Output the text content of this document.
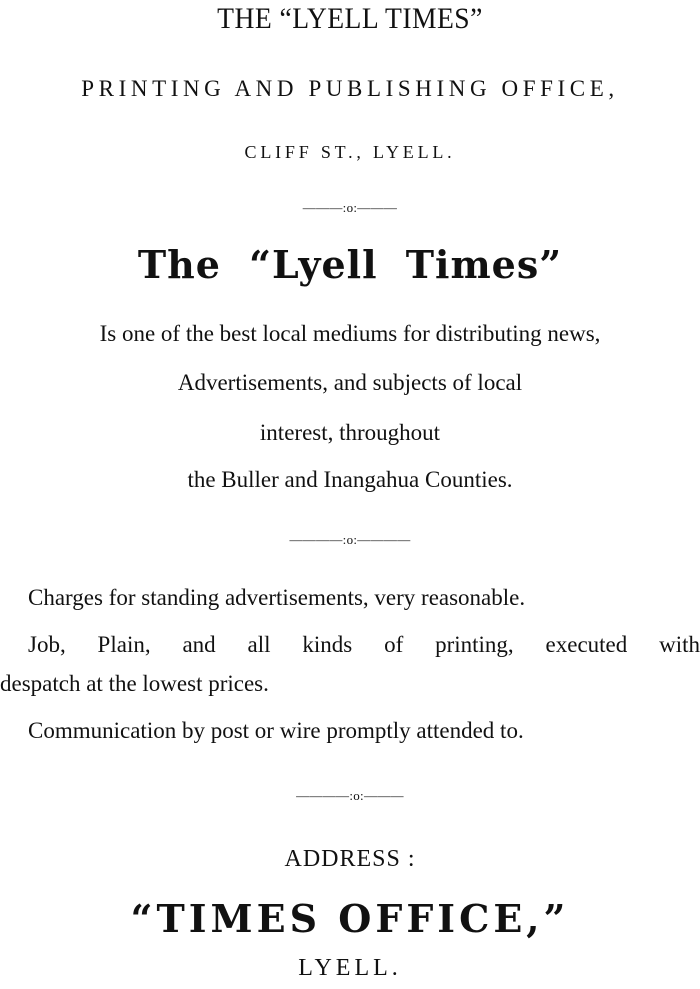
THE “LYELL TIMES”
PRINTING AND PUBLISHING OFFICE,
CLIFF ST., LYELL.
———:o:———
The “Lyell Times”
Is one of the best local mediums for distributing news,
Advertisements, and subjects of local
interest, throughout
the Buller and Inangahua Counties.
————:o:————
Charges for standing advertisements, very reasonable.
Job, Plain, and all kinds of printing, executed with
despatch at the lowest prices.
Communication by post or wire promptly attended to.
————:o:———
ADDRESS :
“TIMES OFFICE,”
LYELL.
